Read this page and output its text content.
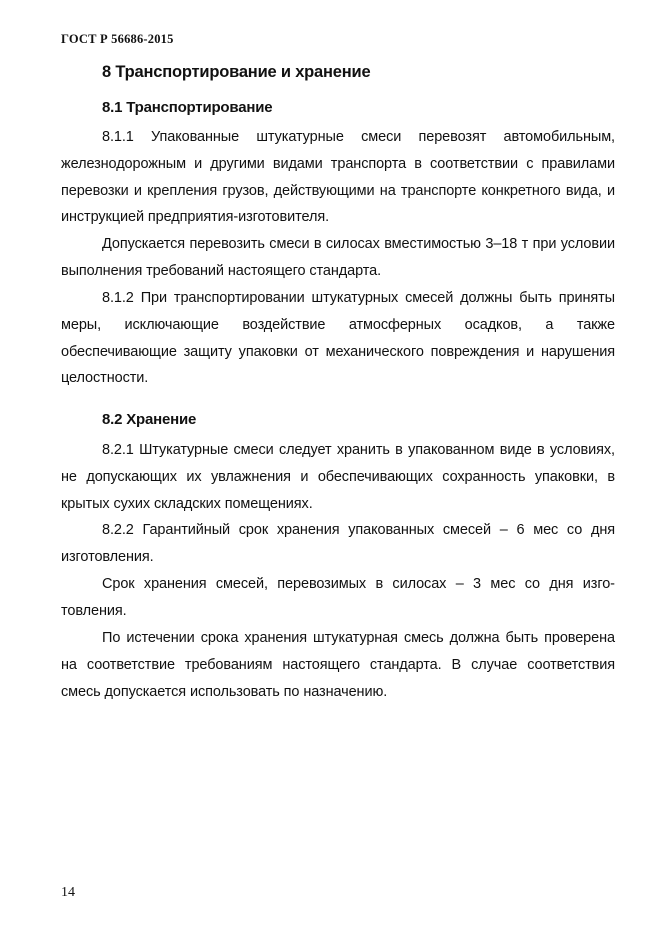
ГОСТ Р 56686-2015
8 Транспортирование и хранение
8.1 Транспортирование

8.1.1 Упакованные штукатурные смеси перевозят автомобильным, железнодорожным и другими видами транспорта в соответствии с правилами перевозки и крепления грузов, действующими на транспорте конкретного вида, и инструкцией предприятия-изготовителя.

Допускается перевозить смеси в силосах вместимостью 3–18 т при условии выполнения требований настоящего стандарта.

8.1.2 При транспортировании штукатурных смесей должны быть приняты меры, исключающие воздействие атмосферных осадков, а также обеспечивающие защиту упаковки от механического повреждения и нарушения целостности.

8.2 Хранение

8.2.1 Штукатурные смеси следует хранить в упакованном виде в условиях, не допускающих их увлажнения и обеспечивающих сохранность упаковки, в крытых сухих складских помещениях.

8.2.2 Гарантийный срок хранения упакованных смесей – 6 мес со дня изготовления.

Срок хранения смесей, перевозимых в силосах – 3 мес со дня изготовления.

По истечении срока хранения штукатурная смесь должна быть проверена на соответствие требованиям настоящего стандарта. В случае соответствия смесь допускается использовать по назначению.

14
